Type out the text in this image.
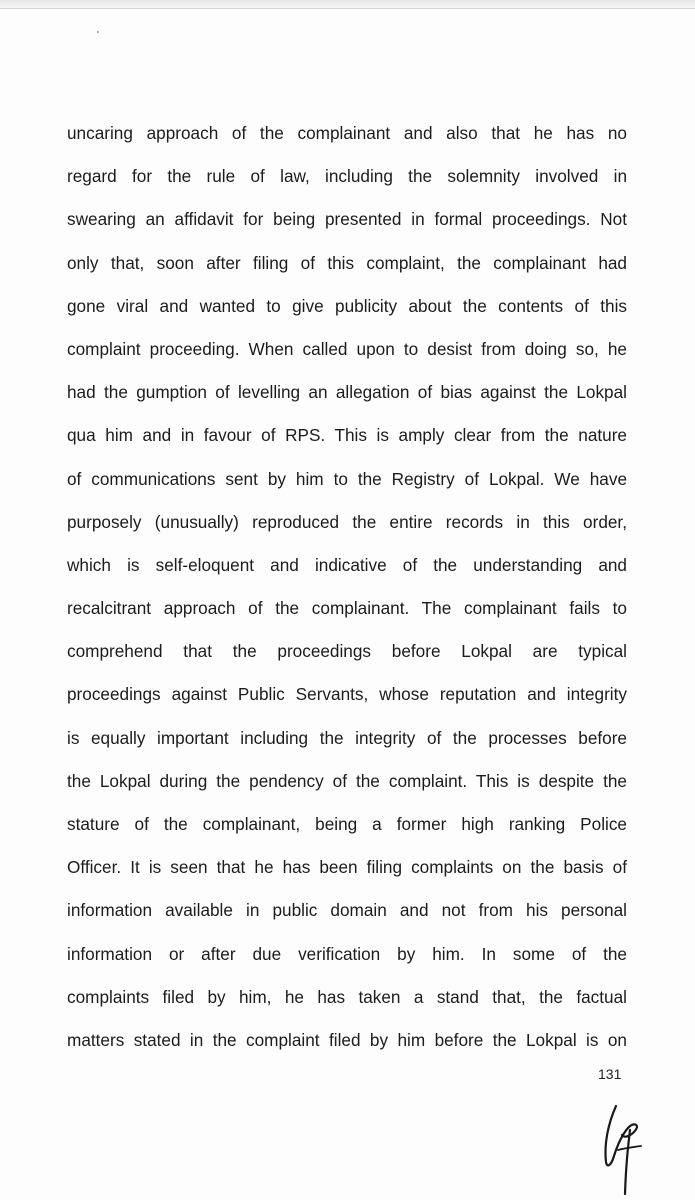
uncaring approach of the complainant and also that he has no
regard for the rule of law, including the solemnity involved in
swearing an affidavit for being presented in formal proceedings. Not
only that, soon after filing of this complaint, the complainant had
gone viral and wanted to give publicity about the contents of this
complaint proceeding. When called upon to desist from doing so, he
had the gumption of levelling an allegation of bias against the Lokpal
qua him and in favour of RPS. This is amply clear from the nature
of communications sent by him to the Registry of Lokpal. We have
purposely (unusually) reproduced the entire records in this order,
which is self-eloquent and indicative of the understanding and
recalcitrant approach of the complainant. The complainant fails to
comprehend that the proceedings before Lokpal are typical
proceedings against Public Servants, whose reputation and integrity
is equally important including the integrity of the processes before
the Lokpal during the pendency of the complaint. This is despite the
stature of the complainant, being a former high ranking Police
Officer. It is seen that he has been filing complaints on the basis of
information available in public domain and not from his personal
information or after due verification by him. In some of the
complaints filed by him, he has taken a stand that, the factual
matters stated in the complaint filed by him before the Lokpal is on
131
